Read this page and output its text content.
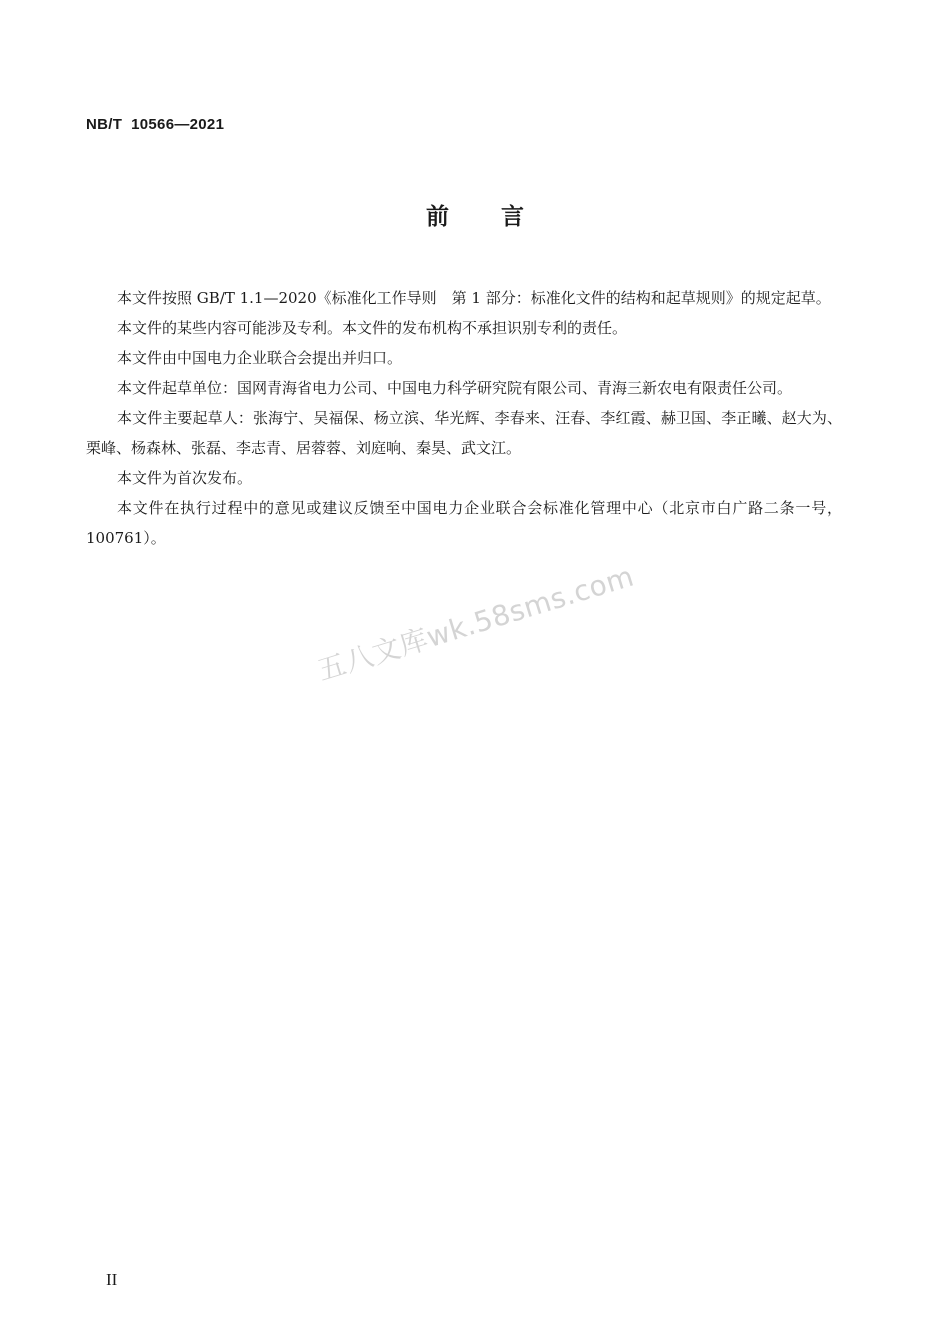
NB/T  10566—2021
前言

本文件按照 GB/T 1.1—2020《标准化工作导则　第 1 部分：标准化文件的结构和起草规则》的规定起草。

本文件的某些内容可能涉及专利。本文件的发布机构不承担识别专利的责任。

本文件由中国电力企业联合会提出并归口。

本文件起草单位：国网青海省电力公司、中国电力科学研究院有限公司、青海三新农电有限责任公司。

本文件主要起草人：张海宁、吴福保、杨立滨、华光辉、李春来、汪春、李红霞、赫卫国、李正曦、赵大为、栗峰、杨森林、张磊、李志青、居蓉蓉、刘庭响、秦昊、武文江。

本文件为首次发布。

本文件在执行过程中的意见或建议反馈至中国电力企业联合会标准化管理中心（北京市白广路二条一号，100761）。

五八文库wk.58sms.com
II
